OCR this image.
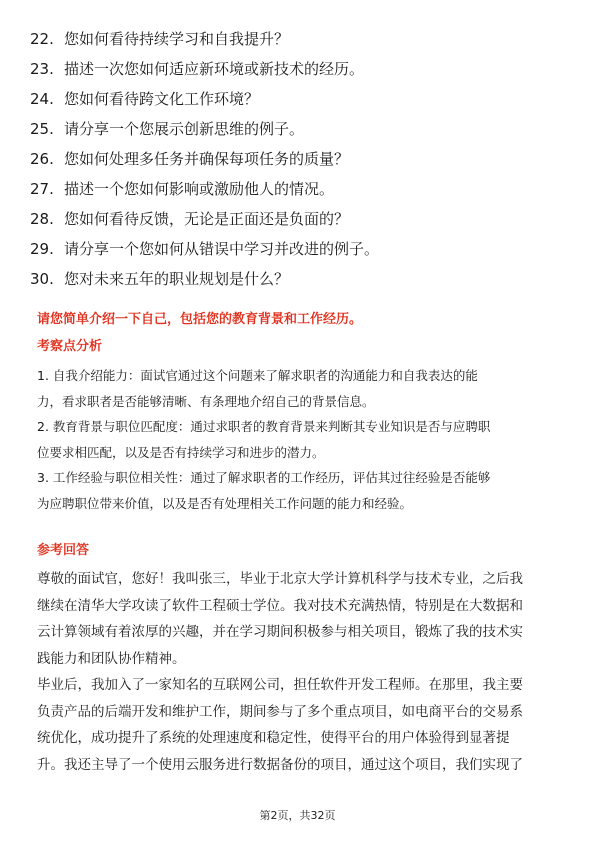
22. 您如何看待持续学习和自我提升？
23. 描述一次您如何适应新环境或新技术的经历。
24. 您如何看待跨文化工作环境？
25. 请分享一个您展示创新思维的例子。
26. 您如何处理多任务并确保每项任务的质量？
27. 描述一个您如何影响或激励他人的情况。
28. 您如何看待反馈，无论是正面还是负面的？
29. 请分享一个您如何从错误中学习并改进的例子。
30. 您对未来五年的职业规划是什么？
请您简单介绍一下自己，包括您的教育背景和工作经历。
考察点分析

1. 自我介绍能力：面试官通过这个问题来了解求职者的沟通能力和自我表达的能

力，看求职者是否能够清晰、有条理地介绍自己的背景信息。

2. 教育背景与职位匹配度：通过求职者的教育背景来判断其专业知识是否与应聘职

位要求相匹配，以及是否有持续学习和进步的潜力。

3. 工作经验与职位相关性：通过了解求职者的工作经历，评估其过往经验是否能够

为应聘职位带来价值，以及是否有处理相关工作问题的能力和经验。

参考回答

尊敬的面试官，您好！我叫张三，毕业于北京大学计算机科学与技术专业，之后我

继续在清华大学攻读了软件工程硕士学位。我对技术充满热情，特别是在大数据和

云计算领域有着浓厚的兴趣，并在学习期间积极参与相关项目，锻炼了我的技术实

践能力和团队协作精神。

毕业后，我加入了一家知名的互联网公司，担任软件开发工程师。在那里，我主要

负责产品的后端开发和维护工作，期间参与了多个重点项目，如电商平台的交易系

统优化，成功提升了系统的处理速度和稳定性，使得平台的用户体验得到显著提

升。我还主导了一个使用云服务进行数据备份的项目，通过这个项目，我们实现了

第2页，共32页
